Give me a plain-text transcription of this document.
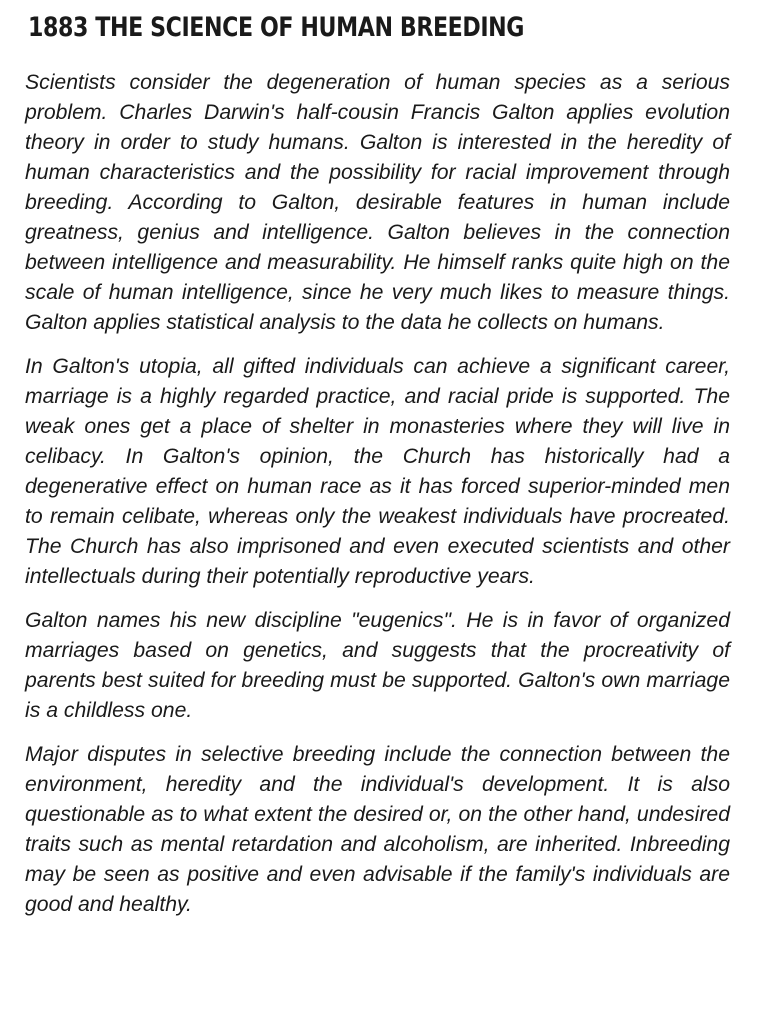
1883 THE SCIENCE OF HUMAN BREEDING

Scientists consider the degeneration of human species as a serious problem. Charles Darwin's half-cousin Francis Galton applies evolution theory in order to study humans. Galton is interested in the heredity of human characteristics and the possibility for racial improvement through breeding. According to Galton, desirable features in human include greatness, genius and intelligence. Galton believes in the connection between intelligence and measurability. He himself ranks quite high on the scale of human intelligence, since he very much likes to measure things. Galton applies statistical analysis to the data he collects on humans.

In Galton's utopia, all gifted individuals can achieve a significant career, marriage is a highly regarded practice, and racial pride is supported. The weak ones get a place of shelter in monasteries where they will live in celibacy. In Galton's opinion, the Church has historically had a degenerative effect on human race as it has forced superior-minded men to remain celibate, whereas only the weakest individuals have procreated. The Church has also imprisoned and even executed scientists and other intellectuals during their potentially reproductive years.

Galton names his new discipline "eugenics". He is in favor of organized marriages based on genetics, and suggests that the procreativity of parents best suited for breeding must be supported. Galton's own marriage is a childless one.

Major disputes in selective breeding include the connection between the environment, heredity and the individual's development. It is also questionable as to what extent the desired or, on the other hand, undesired traits such as mental retardation and alcoholism, are inherited. Inbreeding may be seen as positive and even advisable if the family's individuals are good and healthy.
